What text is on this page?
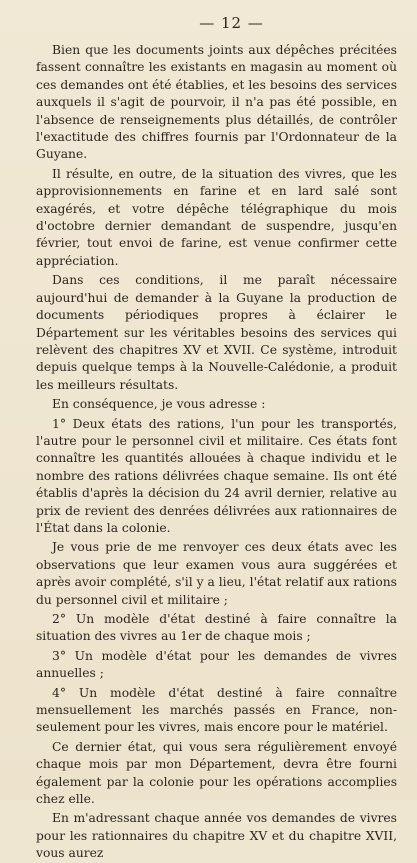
— 12 —

Bien que les documents joints aux dépêches précitées fassent connaître les existants en magasin au moment où ces demandes ont été établies, et les besoins des services auxquels il s'agit de pourvoir, il n'a pas été possible, en l'absence de renseignements plus détaillés, de contrôler l'exactitude des chiffres fournis par l'Ordonnateur de la Guyane.

Il résulte, en outre, de la situation des vivres, que les approvisionnements en farine et en lard salé sont exagérés, et votre dépêche télégraphique du mois d'octobre dernier demandant de suspendre, jusqu'en février, tout envoi de farine, est venue confirmer cette appréciation.

Dans ces conditions, il me paraît nécessaire aujourd'hui de demander à la Guyane la production de documents périodiques propres à éclairer le Département sur les véritables besoins des services qui relèvent des chapitres XV et XVII. Ce système, introduit depuis quelque temps à la Nouvelle-Calédonie, a produit les meilleurs résultats.

En conséquence, je vous adresse :

1° Deux états des rations, l'un pour les transportés, l'autre pour le personnel civil et militaire. Ces états font connaître les quantités allouées à chaque individu et le nombre des rations délivrées chaque semaine. Ils ont été établis d'après la décision du 24 avril dernier, relative au prix de revient des denrées délivrées aux rationnaires de l'État dans la colonie.

Je vous prie de me renvoyer ces deux états avec les observations que leur examen vous aura suggérées et après avoir complété, s'il y a lieu, l'état relatif aux rations du personnel civil et militaire ;

2° Un modèle d'état destiné à faire connaître la situation des vivres au 1er de chaque mois ;

3° Un modèle d'état pour les demandes de vivres annuelles ;

4° Un modèle d'état destiné à faire connaître mensuellement les marchés passés en France, non-seulement pour les vivres, mais encore pour le matériel.

Ce dernier état, qui vous sera régulièrement envoyé chaque mois par mon Département, devra être fourni également par la colonie pour les opérations accomplies chez elle.

En m'adressant chaque année vos demandes de vivres pour les rationnaires du chapitre XV et du chapitre XVII, vous aurez
